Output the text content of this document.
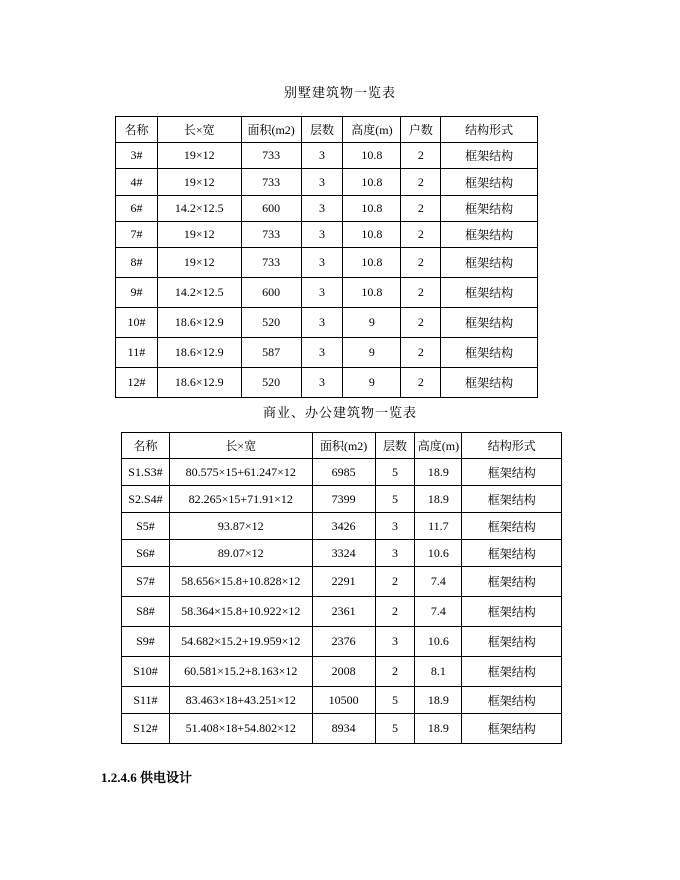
别墅建筑物一览表
名称	长×宽	面积(m2)	层数	高度(m)	户数	结构形式
3#	19×12	733	3	10.8	2	框架结构
4#	19×12	733	3	10.8	2	框架结构
6#	14.2×12.5	600	3	10.8	2	框架结构
7#	19×12	733	3	10.8	2	框架结构
8#	19×12	733	3	10.8	2	框架结构
9#	14.2×12.5	600	3	10.8	2	框架结构
10#	18.6×12.9	520	3	9	2	框架结构
11#	18.6×12.9	587	3	9	2	框架结构
12#	18.6×12.9	520	3	9	2	框架结构
商业、办公建筑物一览表
名称	长×宽	面积(m2)	层数	高度(m)	结构形式
S1.S3#	80.575×15+61.247×12	6985	5	18.9	框架结构
S2.S4#	82.265×15+71.91×12	7399	5	18.9	框架结构
S5#	93.87×12	3426	3	11.7	框架结构
S6#	89.07×12	3324	3	10.6	框架结构
S7#	58.656×15.8+10.828×12	2291	2	7.4	框架结构
S8#	58.364×15.8+10.922×12	2361	2	7.4	框架结构
S9#	54.682×15.2+19.959×12	2376	3	10.6	框架结构
S10#	60.581×15.2+8.163×12	2008	2	8.1	框架结构
S11#	83.463×18+43.251×12	10500	5	18.9	框架结构
S12#	51.408×18+54.802×12	8934	5	18.9	框架结构
1.2.4.6 供电设计
